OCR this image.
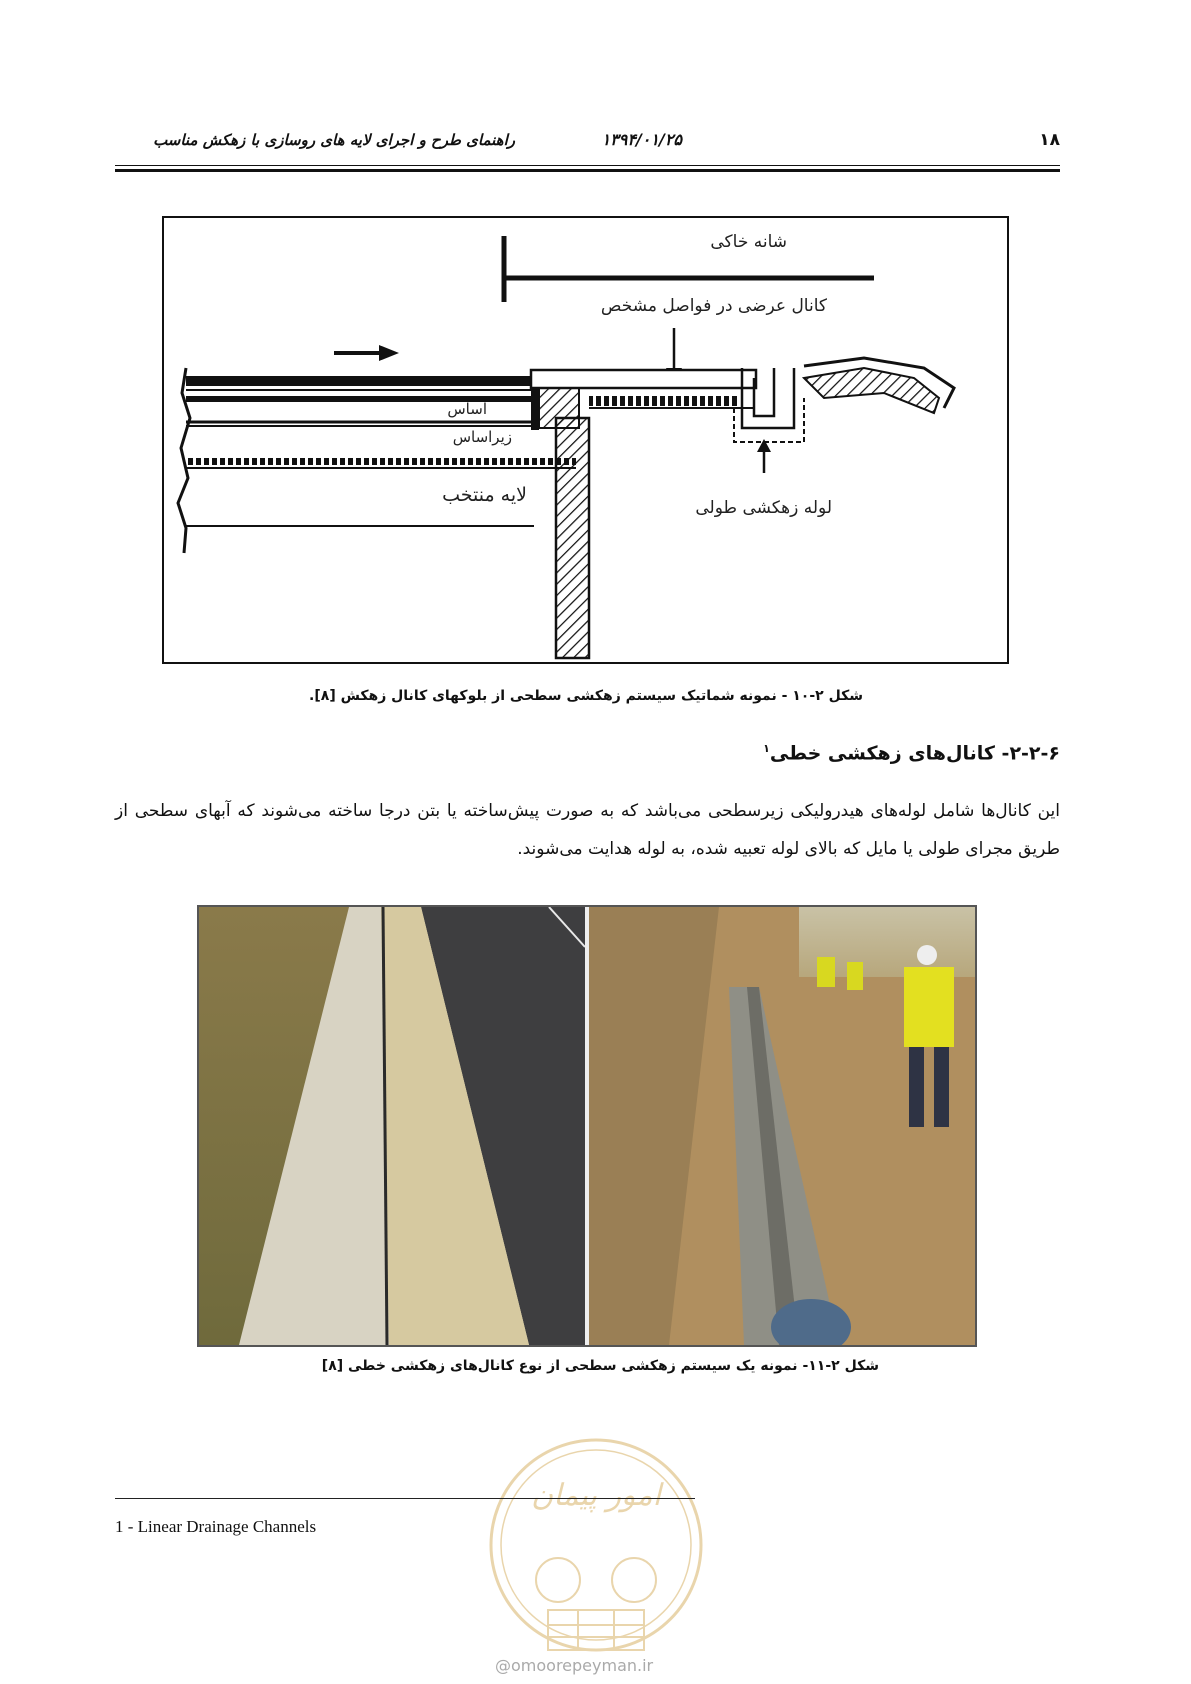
۱۸
۱۳۹۴/۰۱/۲۵
راهنمای طرح و اجرای لایه های روسازی با زهکش مناسب
شانه خاکی
کانال عرضی در فواصل مشخص
اساس
زیراساس
لایه منتخب
لوله زهکشی طولی
شکل ۲-۱۰ - نمونه شماتیک سیستم زهکشی سطحی از بلوکهای کانال زهکش [۸].
۲-۲-۶- کانال‌های زهکشی خطی$^۱$
این کانال‌ها شامل لوله‌های هیدرولیکی زیرسطحی می‌باشد که به صورت پیش‌ساخته یا بتن درجا ساخته می‌شوند که آبهای سطحی از طریق مجرای طولی یا مایل که بالای لوله تعبیه شده، به لوله هدایت می‌شوند.
شکل ۲-۱۱- نمونه یک سیستم زهکشی سطحی از نوع کانال‌های زهکشی خطی [۸]
امور پیمان
@omoorepeyman.ir
1 - Linear Drainage Channels
